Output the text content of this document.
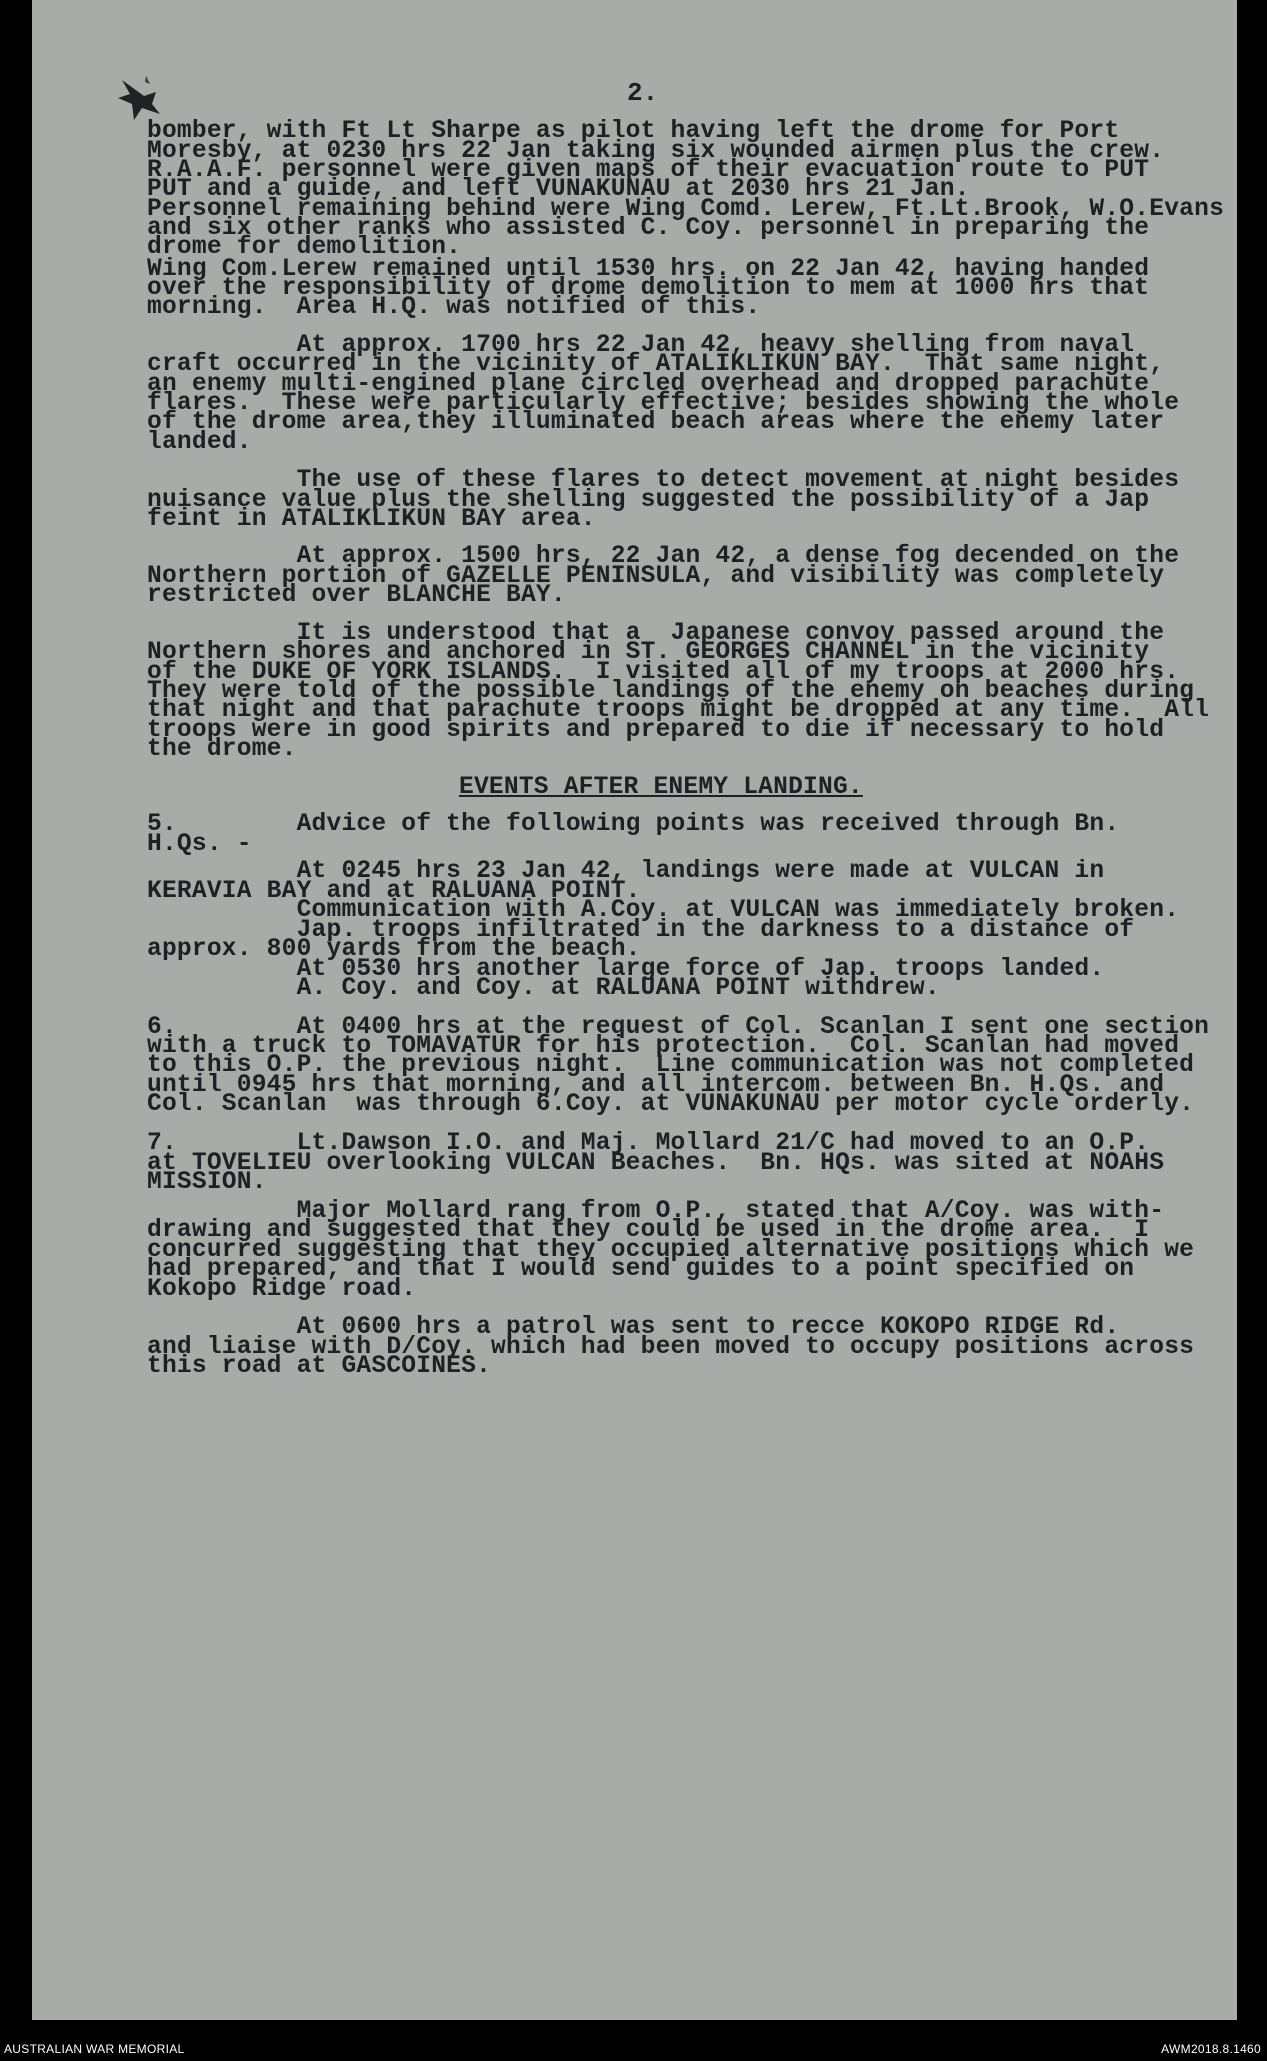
2.
bomber, with Ft Lt Sharpe as pilot having left the drome for Port
Moresby, at 0230 hrs 22 Jan taking six wounded airmen plus the crew.
R.A.A.F. personnel were given maps of their evacuation route to PUT
PUT and a guide, and left VUNAKUNAU at 2030 hrs 21 Jan.
Personnel remaining behind were Wing Comd. Lerew, Ft.Lt.Brook, W.O.Evans
and six other ranks who assisted C. Coy. personnel in preparing the
drome for demolition.
Wing Com.Lerew remained until 1530 hrs. on 22 Jan 42, having handed
over the responsibility of drome demolition to mem at 1000 hrs that
morning.  Area H.Q. was notified of this.
At approx. 1700 hrs 22 Jan 42, heavy shelling from naval
craft occurred in the vicinity of ATALIKLIKUN BAY.  That same night,
an enemy multi-engined plane circled overhead and dropped parachute
flares.  These were particularly effective; besides showing the whole
of the drome area,they illuminated beach areas where the enemy later
landed.
The use of these flares to detect movement at night besides
nuisance value plus the shelling suggested the possibility of a Jap
feint in ATALIKLIKUN BAY area.
At approx. 1500 hrs, 22 Jan 42, a dense fog decended on the
Northern portion of GAZELLE PENINSULA, and visibility was completely
restricted over BLANCHE BAY.
It is understood that a  Japanese convoy passed around the
Northern shores and anchored in ST. GEORGES CHANNEL in the vicinity
of the DUKE OF YORK ISLANDS.  I visited all of my troops at 2000 hrs.
They were told of the possible landings of the enemy on beaches during
that night and that parachute troops might be dropped at any time.  All
troops were in good spirits and prepared to die if necessary to hold
the drome.
EVENTS AFTER ENEMY LANDING.
5.        Advice of the following points was received through Bn.
H.Qs. -
At 0245 hrs 23 Jan 42, landings were made at VULCAN in
KERAVIA BAY and at RALUANA POINT.
Communication with A.Coy. at VULCAN was immediately broken.
Jap. troops infiltrated in the darkness to a distance of
approx. 800 yards from the beach.
At 0530 hrs another large force of Jap. troops landed.
A. Coy. and Coy. at RALUANA POINT withdrew.
6.        At 0400 hrs at the request of Col. Scanlan I sent one section
with a truck to TOMAVATUR for his protection.  Col. Scanlan had moved
to this O.P. the previous night.  Line communication was not completed
until 0945 hrs that morning, and all intercom. between Bn. H.Qs. and
Col. Scanlan  was through 6.Coy. at VUNAKUNAU per motor cycle orderly.
7.        Lt.Dawson I.O. and Maj. Mollard 21/C had moved to an O.P.
at TOVELIEU overlooking VULCAN Beaches.  Bn. HQs. was sited at NOAHS
MISSION.
Major Mollard rang from O.P., stated that A/Coy. was with-
drawing and suggested that they could be used in the drome area.  I
concurred suggesting that they occupied alternative positions which we
had prepared, and that I would send guides to a point specified on
Kokopo Ridge road.
At 0600 hrs a patrol was sent to recce KOKOPO RIDGE Rd.
and liaise with D/Coy. which had been moved to occupy positions across
this road at GASCOINES.
AUSTRALIAN WAR MEMORIAL	AWM2018.8.1460
